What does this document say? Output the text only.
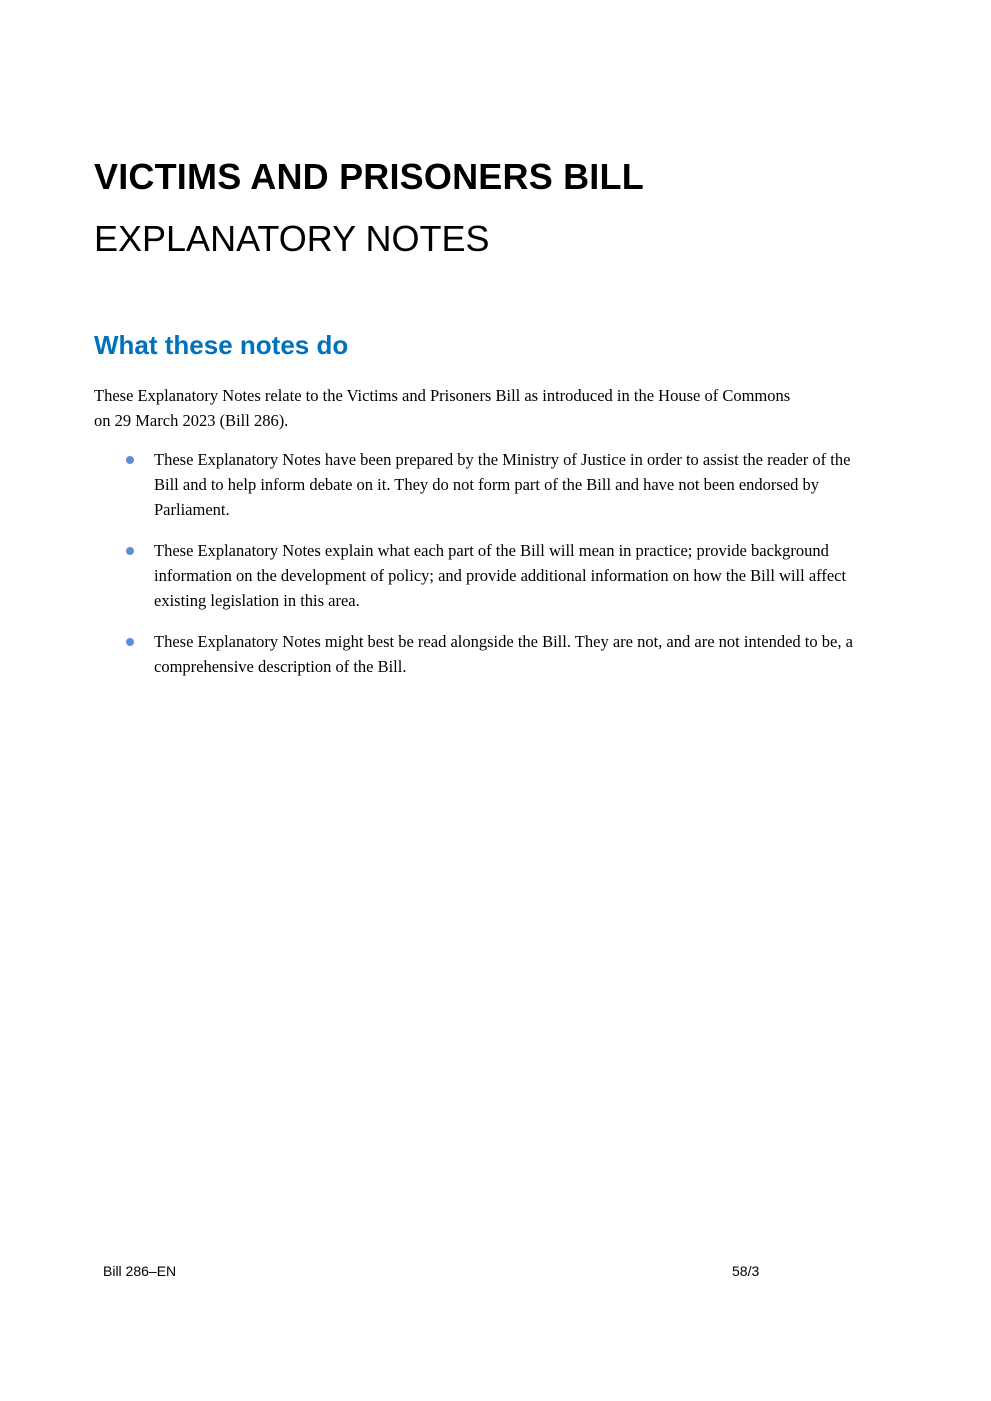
VICTIMS AND PRISONERS BILL
EXPLANATORY NOTES
What these notes do
These Explanatory Notes relate to the Victims and Prisoners Bill as introduced in the House of Commons on 29 March 2023 (Bill 286).
These Explanatory Notes have been prepared by the Ministry of Justice in order to assist the reader of the Bill and to help inform debate on it. They do not form part of the Bill and have not been endorsed by Parliament.
These Explanatory Notes explain what each part of the Bill will mean in practice; provide background information on the development of policy; and provide additional information on how the Bill will affect existing legislation in this area.
These Explanatory Notes might best be read alongside the Bill. They are not, and are not intended to be, a comprehensive description of the Bill.
Bill 286–EN	58/3
